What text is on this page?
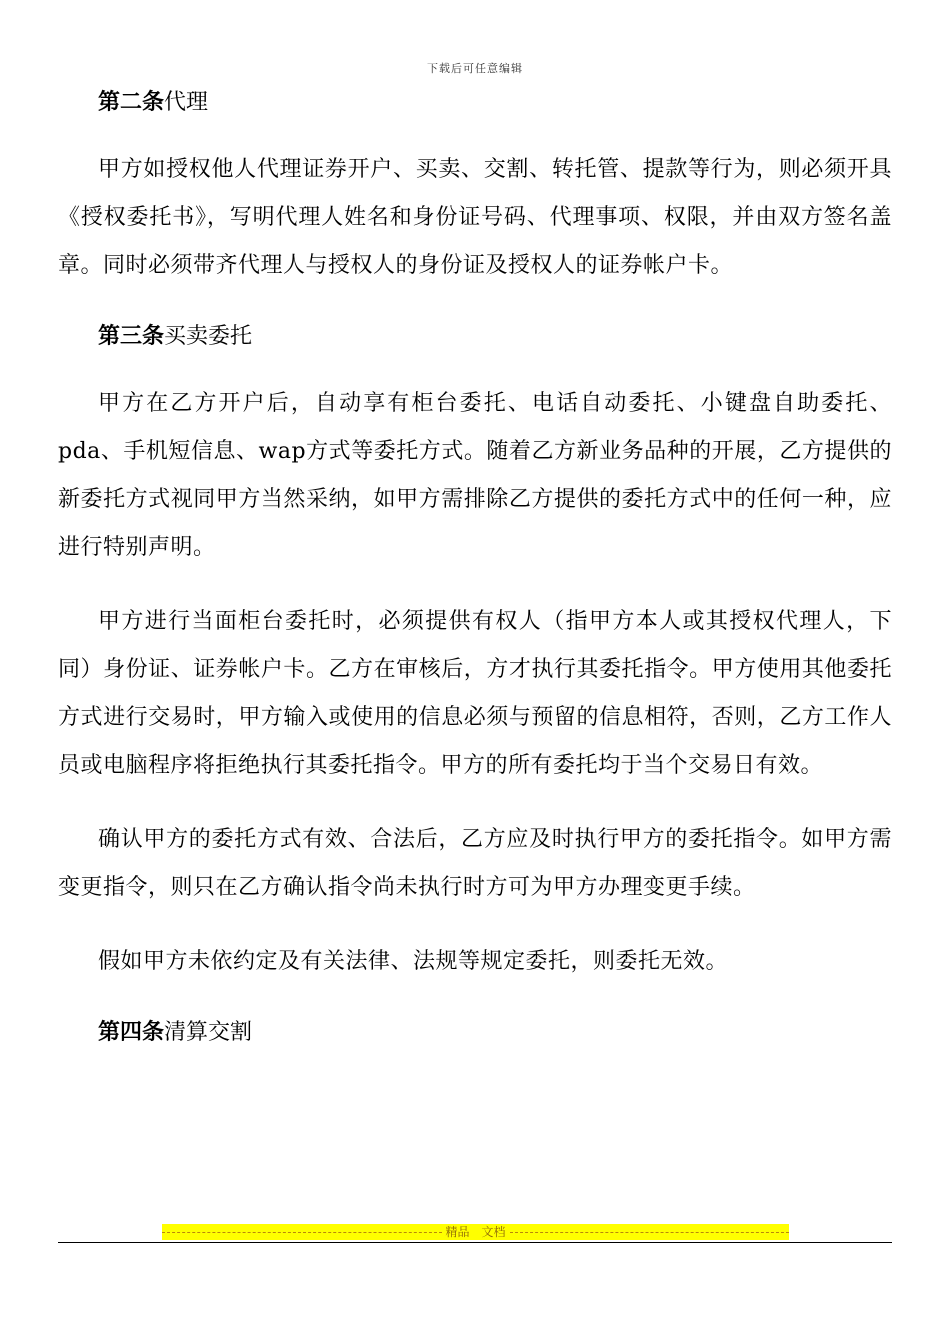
下载后可任意编辑
第二条代理

甲方如授权他人代理证券开户、买卖、交割、转托管、提款等行为，则必须开具《授权委托书》，写明代理人姓名和身份证号码、代理事项、权限，并由双方签名盖章。同时必须带齐代理人与授权人的身份证及授权人的证券帐户卡。

第三条买卖委托

甲方在乙方开户后，自动享有柜台委托、电话自动委托、小键盘自助委托、pda、手机短信息、wap方式等委托方式。随着乙方新业务品种的开展，乙方提供的新委托方式视同甲方当然采纳，如甲方需排除乙方提供的委托方式中的任何一种，应进行特别声明。

甲方进行当面柜台委托时，必须提供有权人（指甲方本人或其授权代理人，下同）身份证、证券帐户卡。乙方在审核后，方才执行其委托指令。甲方使用其他委托方式进行交易时，甲方输入或使用的信息必须与预留的信息相符，否则，乙方工作人员或电脑程序将拒绝执行其委托指令。甲方的所有委托均于当个交易日有效。

确认甲方的委托方式有效、合法后，乙方应及时执行甲方的委托指令。如甲方需变更指令，则只在乙方确认指令尚未执行时方可为甲方办理变更手续。

假如甲方未依约定及有关法律、法规等规定委托，则委托无效。

第四条清算交割
精品　文档
